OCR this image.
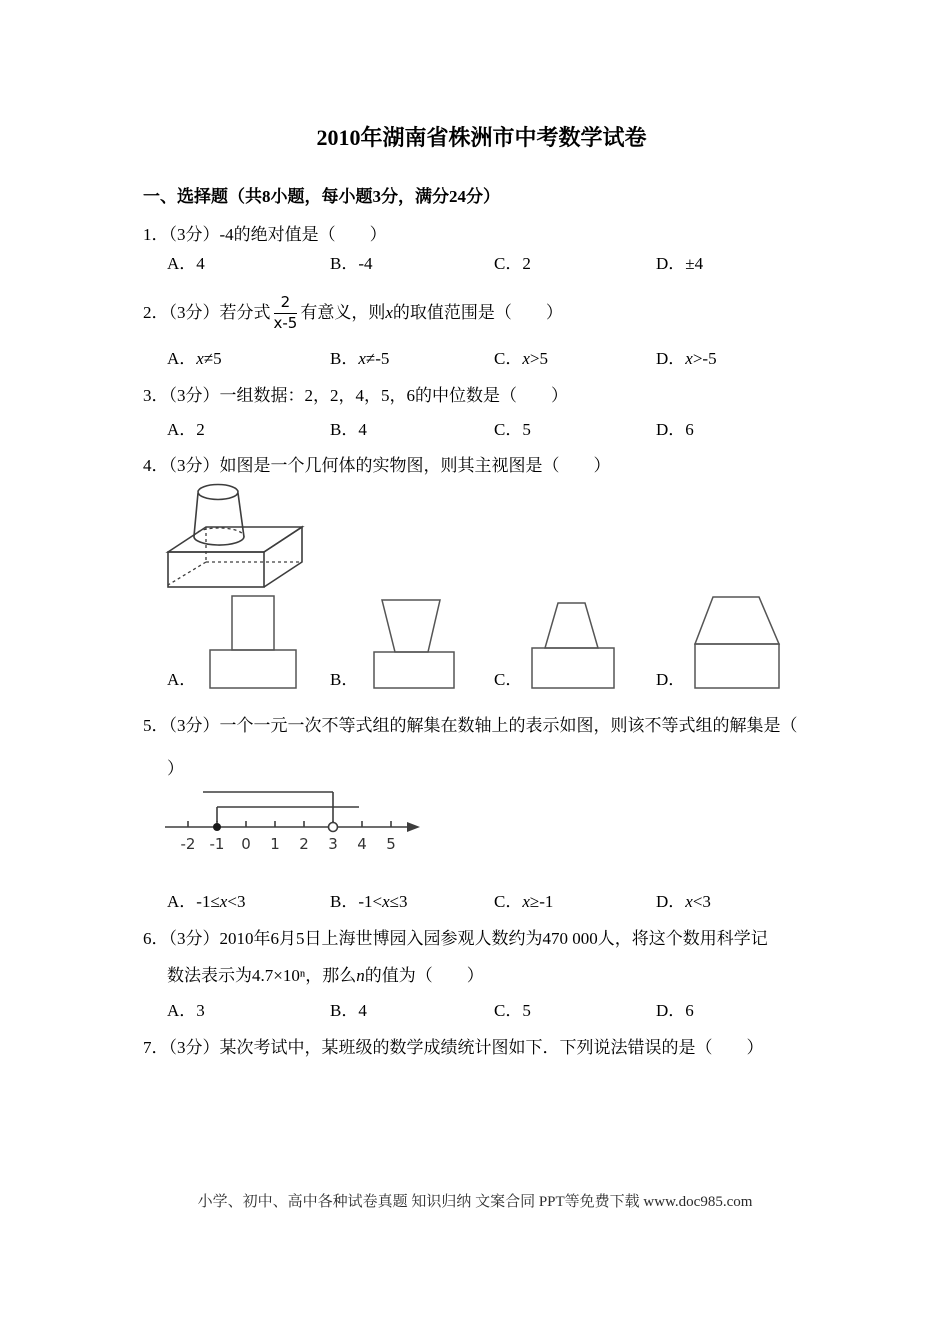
2010年湖南省株洲市中考数学试卷
一、选择题（共8小题，每小题3分，满分24分）
1．（3分）-4的绝对值是（　　）
A．4	B．-4	C．2	D．±4
2．（3分）若分式 $\frac{2}{x-5}$ 有意义，则x的取值范围是（　　 ）
A．x≠5	B．x≠-5	C．x>5	D．x>-5
3．（3分）一组数据：2，2，4，5，6的中位数是（　　）
A．2	B．4	C．5	D．6
4．（3分）如图是一个几何体的实物图，则其主视图是（　　）
A．	B．	C．	D．
5．（3分）一个一元一次不等式组的解集在数轴上的表示如图，则该不等式组的解集是（
）
-2 -1 0 1 2 3 4 5
A．-1≤x<3	B．-1<x≤3	C．x≥-1	D．x<3
6．（3分）2010年6月5日上海世博园入园参观人数约为470 000人，将这个数用科学记
数法表示为4.7×10ⁿ，那么n的值为（　　 ）
A．3	B．4	C．5	D．6
7．（3分）某次考试中，某班级的数学成绩统计图如下．下列说法错误的是（　　）
小学、初中、高中各种试卷真题 知识归纳 文案合同 PPT等免费下载 www.doc985.com
